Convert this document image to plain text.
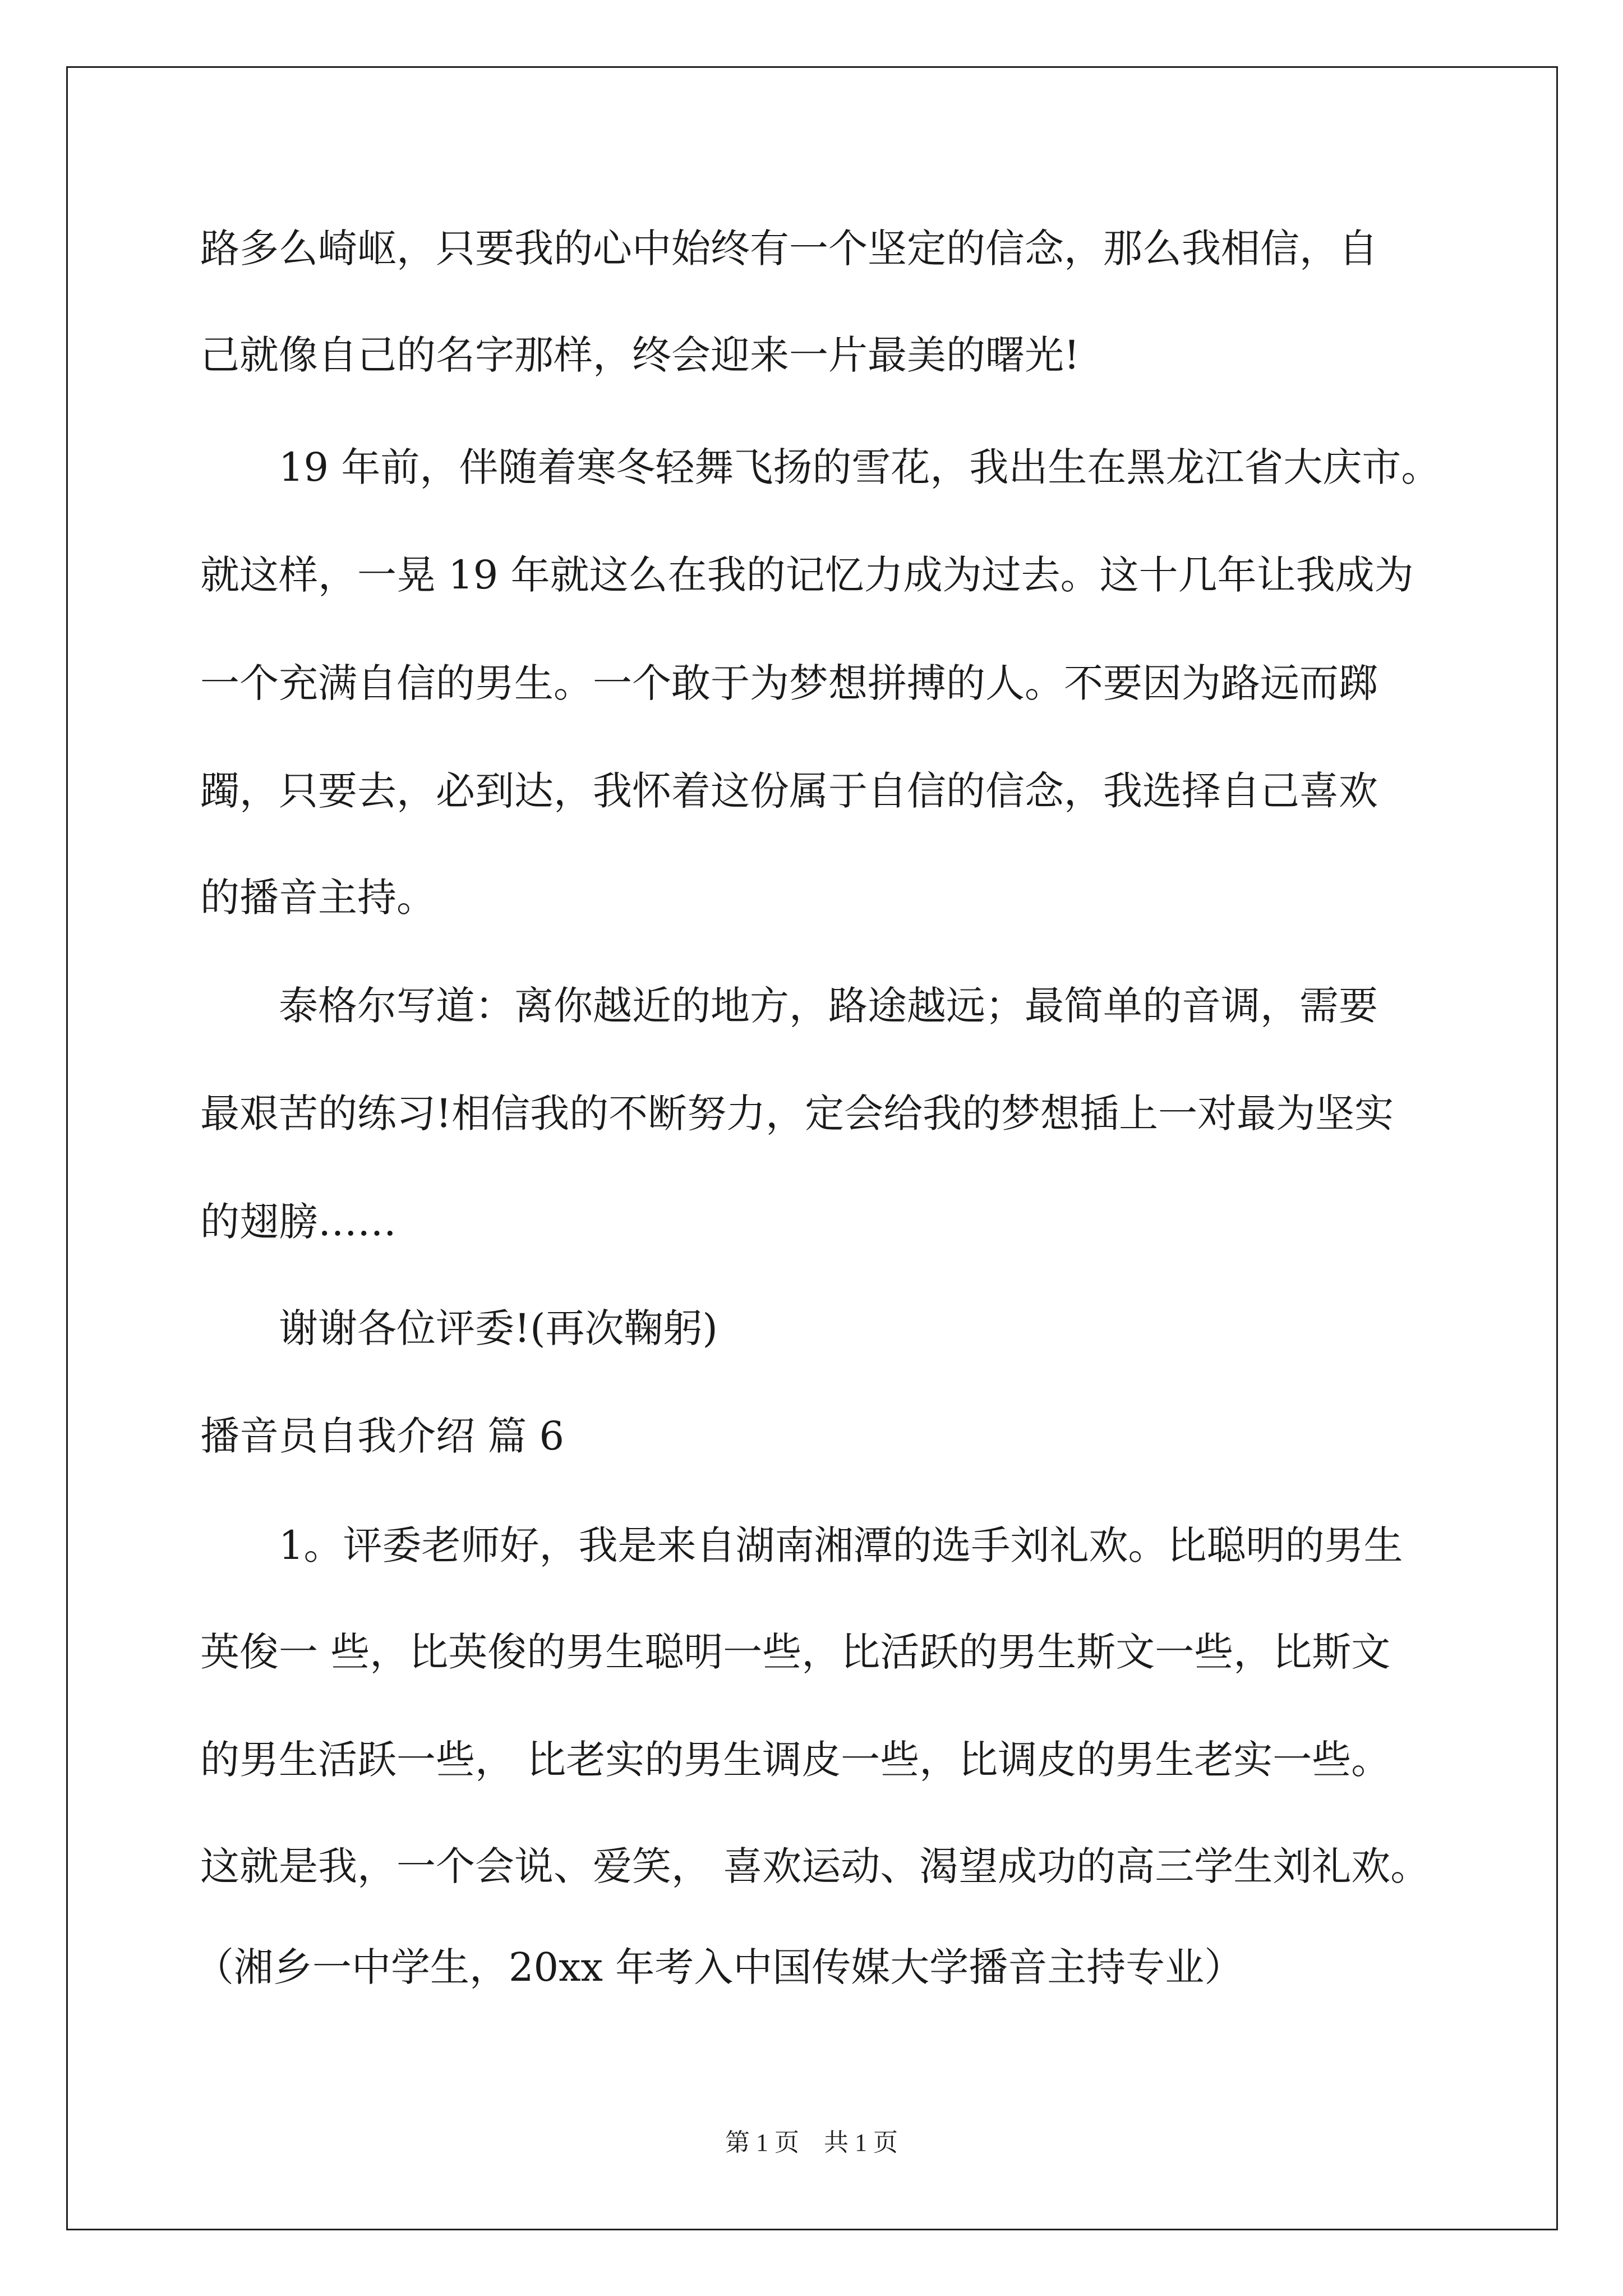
路多么崎岖，只要我的心中始终有一个坚定的信念，那么我相信，自
己就像自己的名字那样，终会迎来一片最美的曙光!
19 年前，伴随着寒冬轻舞飞扬的雪花，我出生在黑龙江省大庆市。
就这样，一晃 19 年就这么在我的记忆力成为过去。这十几年让我成为
一个充满自信的男生。一个敢于为梦想拼搏的人。不要因为路远而踯
躅，只要去，必到达，我怀着这份属于自信的信念，我选择自己喜欢
的播音主持。
泰格尔写道：离你越近的地方，路途越远；最简单的音调，需要
最艰苦的练习!相信我的不断努力，定会给我的梦想插上一对最为坚实
的翅膀……
谢谢各位评委!(再次鞠躬)
播音员自我介绍 篇 6
1。评委老师好，我是来自湖南湘潭的选手刘礼欢。比聪明的男生
英俊一 些，比英俊的男生聪明一些，比活跃的男生斯文一些，比斯文
的男生活跃一些， 比老实的男生调皮一些，比调皮的男生老实一些。
这就是我，一个会说、爱笑， 喜欢运动、渴望成功的高三学生刘礼欢。
（湘乡一中学生，20xx 年考入中国传媒大学播音主持专业）
第 1 页    共 1 页
